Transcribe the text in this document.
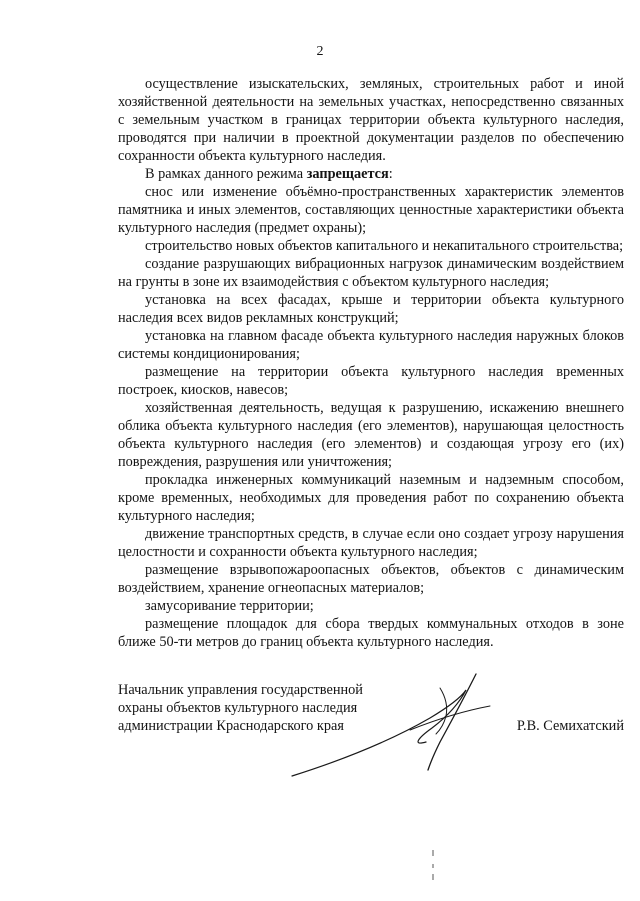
2

осуществление изыскательских, земляных, строительных работ и иной хозяйственной деятельности на земельных участках, непосредственно связанных с земельным участком в границах территории объекта культурного наследия, проводятся при наличии в проектной документации разделов по обеспечению сохранности объекта культурного наследия.

В рамках данного режима запрещается:

снос или изменение объёмно-пространственных характеристик элементов памятника и иных элементов, составляющих ценностные характеристики объекта культурного наследия (предмет охраны);

строительство новых объектов капитального и некапитального строительства;

создание разрушающих вибрационных нагрузок динамическим воздействием на грунты в зоне их взаимодействия с объектом культурного наследия;

установка на всех фасадах, крыше и территории объекта культурного наследия всех видов рекламных конструкций;

установка на главном фасаде объекта культурного наследия наружных блоков системы кондиционирования;

размещение на территории объекта культурного наследия временных построек, киосков, навесов;

хозяйственная деятельность, ведущая к разрушению, искажению внешнего облика объекта культурного наследия (его элементов), нарушающая целостность объекта культурного наследия (его элементов) и создающая угрозу его (их) повреждения, разрушения или уничтожения;

прокладка инженерных коммуникаций наземным и надземным способом, кроме временных, необходимых для проведения работ по сохранению объекта культурного наследия;

движение транспортных средств, в случае если оно создает угрозу нарушения целостности и сохранности объекта культурного наследия;

размещение взрывопожароопасных объектов, объектов с динамическим воздействием, хранение огнеопасных материалов;

замусоривание территории;

размещение площадок для сбора твердых коммунальных отходов в зоне ближе 50-ти метров до границ объекта культурного наследия.

Начальник управления государственной
охраны объектов культурного наследия
администрации Краснодарского края	Р.В. Семихатский
